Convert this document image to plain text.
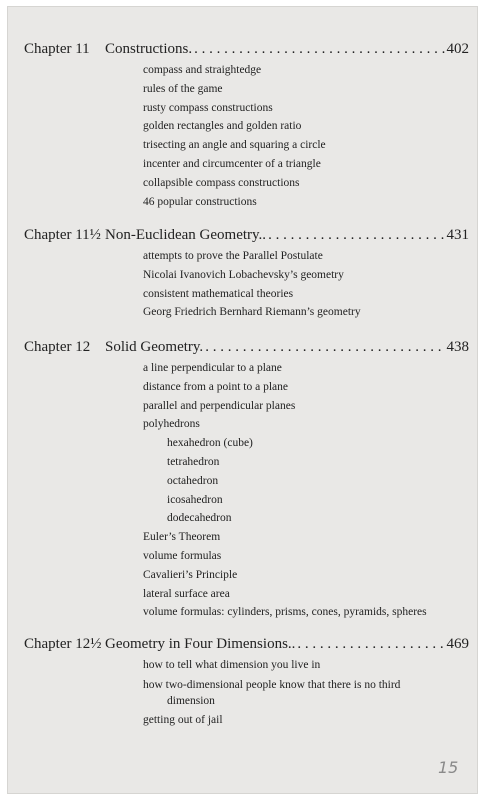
Chapter 11 Constructions. . . .	402

compass and straightedge

rules of the game

rusty compass constructions

golden rectangles and golden ratio

trisecting an angle and squaring a circle

incenter and circumcenter of a triangle

collapsible compass constructions

46 popular constructions

Chapter 11½ Non-Euclidean Geometry.. . . .	431

attempts to prove the Parallel Postulate

Nicolai Ivanovich Lobachevsky’s geometry

consistent mathematical theories

Georg Friedrich Bernhard Riemann’s geometry

Chapter 12 Solid Geometry. . . .	438

a line perpendicular to a plane

distance from a point to a plane

parallel and perpendicular planes

polyhedrons

hexahedron (cube)

tetrahedron

octahedron

icosahedron

dodecahedron

Euler’s Theorem

volume formulas

Cavalieri’s Principle

lateral surface area

volume formulas: cylinders, prisms, cones, pyramids, spheres

Chapter 12½ Geometry in Four Dimensions.. . . .	469

how to tell what dimension you live in

how two-dimensional people know that there is no third

dimension

getting out of jail

15
